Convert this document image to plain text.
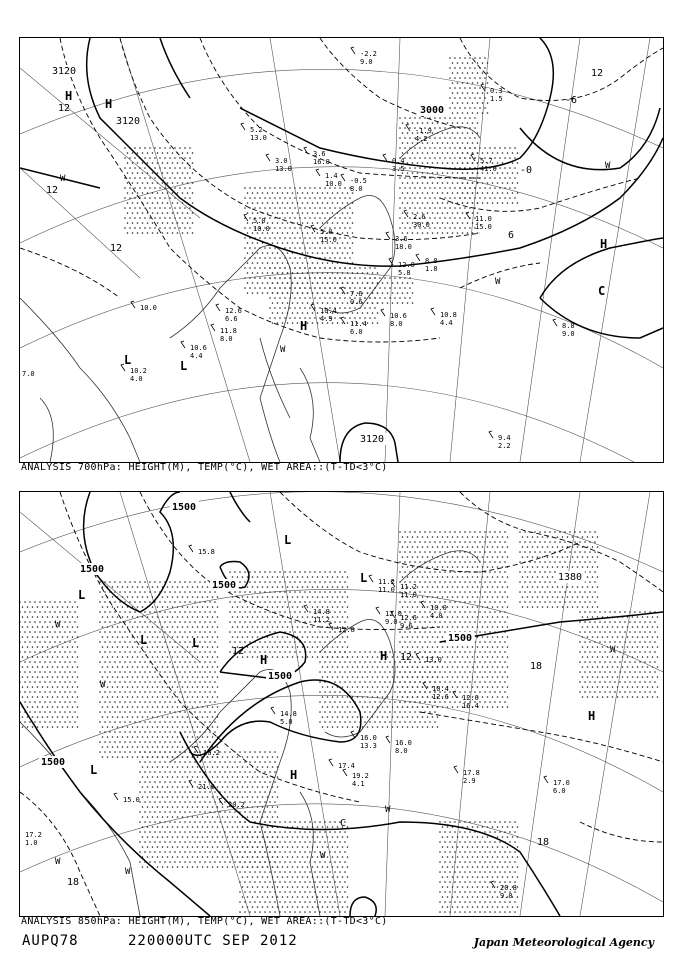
3120
3120
3000
3120
12
12
12
-6
-0
12
6
H
H
H
H
L	L
C
W
W
W
W
-2.2
9.0
5.2
13.0
3.6
16.0
3.0
13.0
1.4
10.0 -0.5
8.0
0.4
3.5
-1.9
4.2
5.0
10.0
2.6
30.0
5.0
15.0	3.6
18.0
12.0
5.8
8.0
1.8
7.6
0.6
10.6
8.0
10.4
4.9
11.4
6.0
12.6
6.6
11.8
8.0
10.0
10.2
4.0
7.0
10.8
4.4	8.8
9.0
9.4
2.2
10.6
4.4
11.0
15.0
5.7
41.0
0.3
1.5
ANALYSIS 700hPa: HEIGHT(M), TEMP(°C), WET AREA::(T-TD<3°C)
1500
1500
1500
1500
1500
1500
1380
12
12
18
18
18
C
L
L	L
L
L
L
H	H
H
H
W
W
W
W
W
W
W
15.8
14.8
11.2
12.0
9.0
12.8
11.2
11.0 11.2
11.0
12.6
9.6
10.0
4.0
13.0
12.0
16.4
10.4
12.6
16.0
8.0
19.2
4.1
17.4
16.2
20.2
21.0
17.8
2.9	17.0
6.0
20.8
9.0
15.0
16.0
13.3
14.8
5.0
17.2
1.0
ANALYSIS 850hPa: HEIGHT(M), TEMP(°C), WET AREA::(T-TD<3°C)
AUPQ78	220000UTC SEP 2012	Japan Meteorological Agency
